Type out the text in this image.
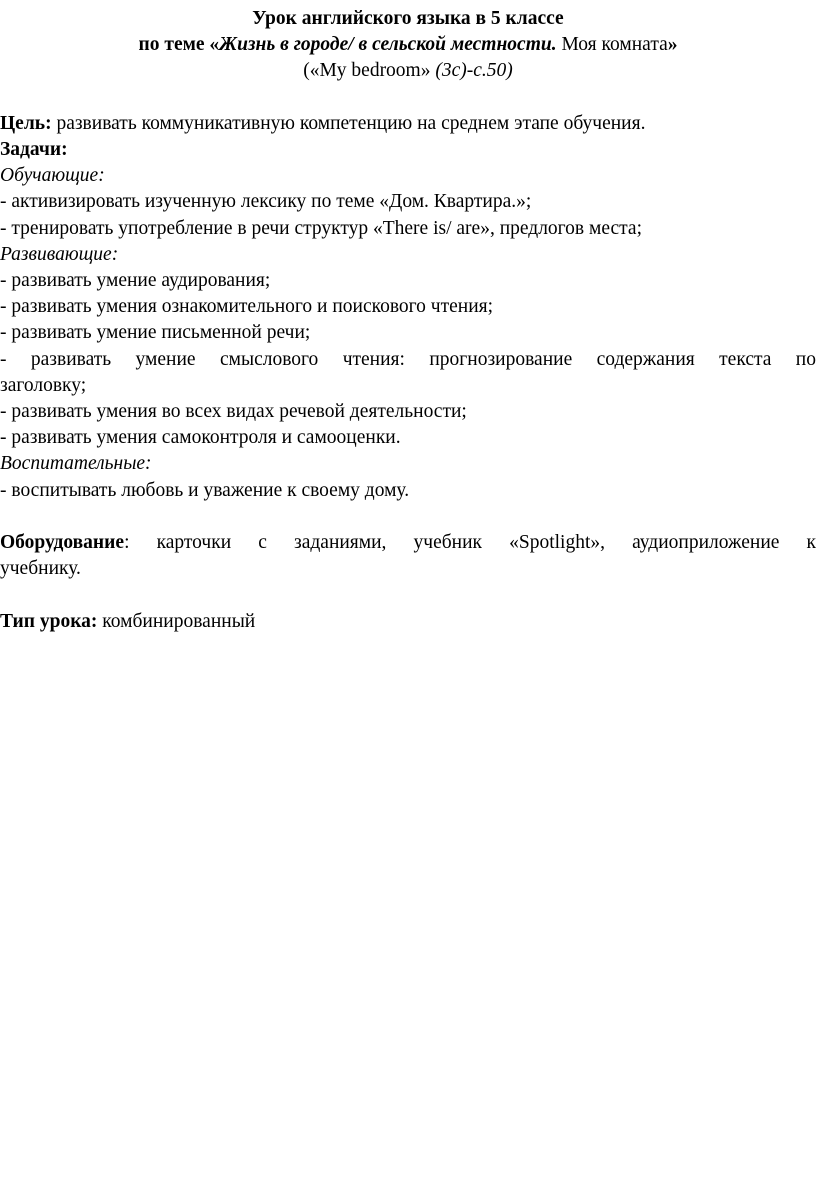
Урок английского языка в 5 классе
по теме «Жизнь в городе/ в сельской местности. Моя комната»
(«My bedroom» (3c)-c.50)
Цель: развивать коммуникативную компетенцию на среднем этапе обучения.
Задачи:
Обучающие:
- активизировать изученную лексику по теме «Дом. Квартира.»;
- тренировать употребление в речи структур «There is/ are», предлогов места;
Развивающие:
- развивать умение аудирования;
- развивать умения ознакомительного и поискового чтения;
- развивать умение письменной речи;
- развивать умение смыслового чтения: прогнозирование содержания текста по
заголовку;
- развивать умения во всех видах речевой деятельности;
- развивать умения самоконтроля и самооценки.
Воспитательные:
- воспитывать любовь и уважение к своему дому.
Оборудование: карточки с заданиями, учебник «Spotlight», аудиоприложение к
учебнику.
Тип урока: комбинированный
